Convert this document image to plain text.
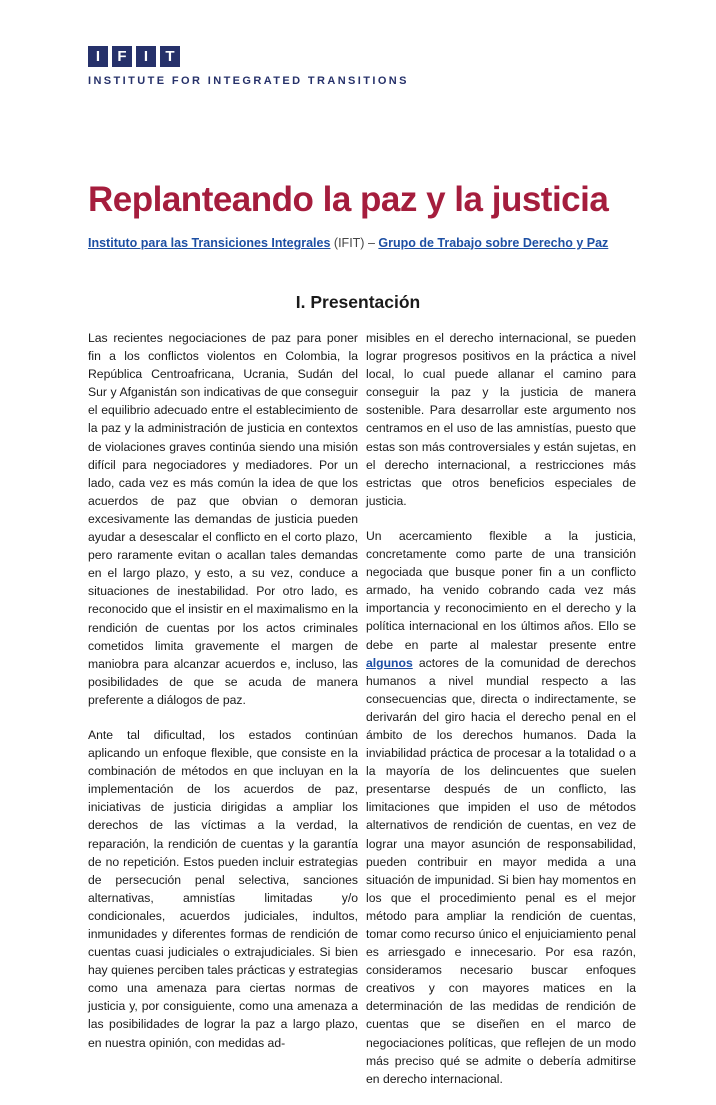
I	F	I	T
INSTITUTE FOR INTEGRATED TRANSITIONS
Replanteando la paz y la justicia
Instituto para las Transiciones Integrales (IFIT) – Grupo de Trabajo sobre Derecho y Paz
I. Presentación

Las recientes negociaciones de paz para poner fin a los conflictos violentos en Colombia, la República Centroafricana, Ucrania, Sudán del Sur y Afganistán son indicativas de que conseguir el equilibrio adecuado entre el establecimiento de la paz y la administración de justicia en contextos de violaciones graves continúa siendo una misión difícil para negociadores y mediadores. Por un lado, cada vez es más común la idea de que los acuerdos de paz que obvian o demoran excesivamente las demandas de justicia pueden ayudar a desescalar el conflicto en el corto plazo, pero raramente evitan o acallan tales demandas en el largo plazo, y esto, a su vez, conduce a situaciones de inestabilidad. Por otro lado, es reconocido que el insistir en el maximalismo en la rendición de cuentas por los actos criminales cometidos limita gravemente el margen de maniobra para alcanzar acuerdos e, incluso, las posibilidades de que se acuda de manera preferente a diálogos de paz.

Ante tal dificultad, los estados continúan aplicando un enfoque flexible, que consiste en la combinación de métodos en que incluyan en la implementación de los acuerdos de paz, iniciativas de justicia dirigidas a ampliar los derechos de las víctimas a la verdad, la reparación, la rendición de cuentas y la garantía de no repetición. Estos pueden incluir estrategias de persecución penal selectiva, sanciones alternativas, amnistías limitadas y/o condicionales, acuerdos judiciales, indultos, inmunidades y diferentes formas de rendición de cuentas cuasi judiciales o extrajudiciales. Si bien hay quienes perciben tales prácticas y estrategias como una amenaza para ciertas normas de justicia y, por consiguiente, como una amenaza a las posibilidades de lograr la paz a largo plazo, en nuestra opinión, con medidas ad-

misibles en el derecho internacional, se pueden lograr progresos positivos en la práctica a nivel local, lo cual puede allanar el camino para conseguir la paz y la justicia de manera sostenible. Para desarrollar este argumento nos centramos en el uso de las amnistías, puesto que estas son más controversiales y están sujetas, en el derecho internacional, a restricciones más estrictas que otros beneficios especiales de justicia.

Un acercamiento flexible a la justicia, concretamente como parte de una transición negociada que busque poner fin a un conflicto armado, ha venido cobrando cada vez más importancia y reconocimiento en el derecho y la política internacional en los últimos años. Ello se debe en parte al malestar presente entre algunos actores de la comunidad de derechos humanos a nivel mundial respecto a las consecuencias que, directa o indirectamente, se derivarán del giro hacia el derecho penal en el ámbito de los derechos humanos. Dada la inviabilidad práctica de procesar a la totalidad o a la mayoría de los delincuentes que suelen presentarse después de un conflicto, las limitaciones que impiden el uso de métodos alternativos de rendición de cuentas, en vez de lograr una mayor asunción de responsabilidad, pueden contribuir en mayor medida a una situación de impunidad. Si bien hay momentos en los que el procedimiento penal es el mejor método para ampliar la rendición de cuentas, tomar como recurso único el enjuiciamiento penal es arriesgado e innecesario. Por esa razón, consideramos necesario buscar enfoques creativos y con mayores matices en la determinación de las medidas de rendición de cuentas que se diseñen en el marco de negociaciones políticas, que reflejen de un modo más preciso qué se admite o debería admitirse en derecho internacional.
